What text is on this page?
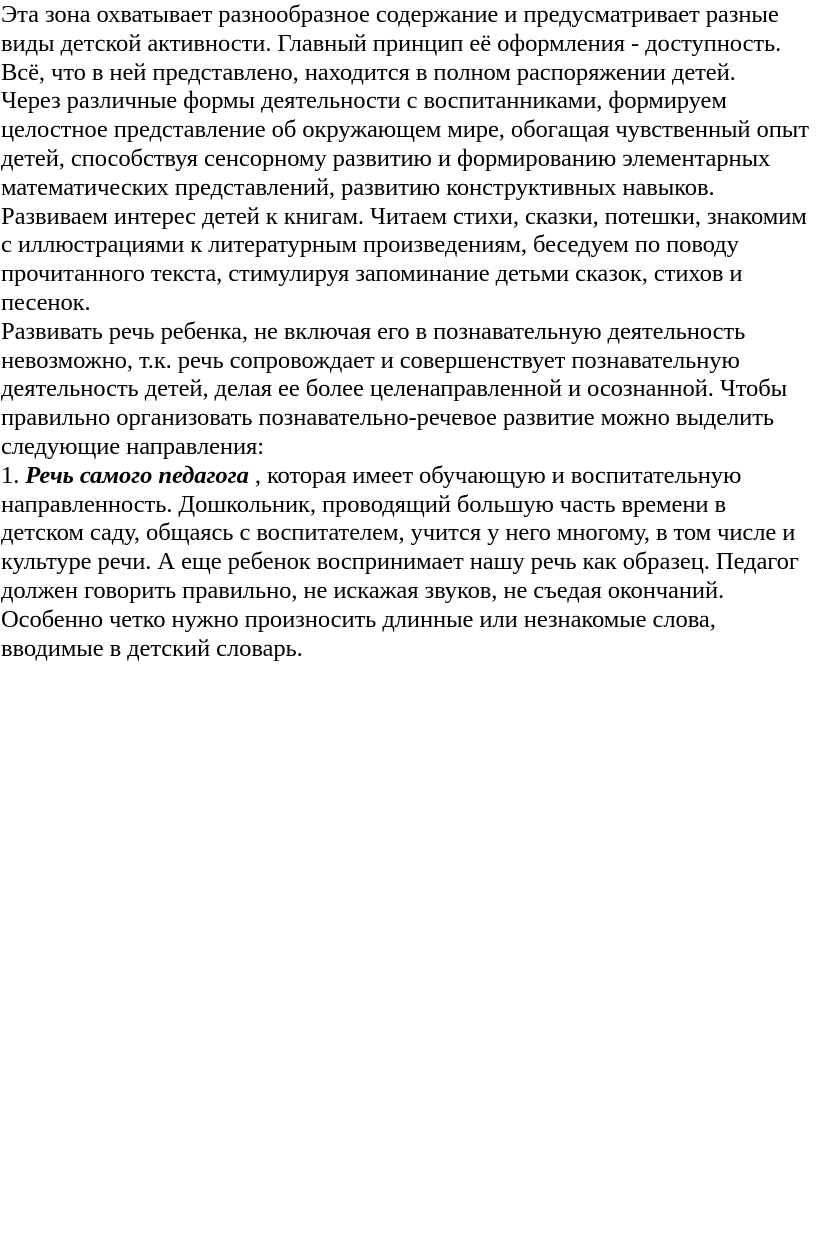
Эта зона охватывает разнообразное содержание и предусматривает разные

виды детской активности. Главный принцип её оформления - доступность.

Всё, что в ней представлено, находится в полном распоряжении детей.

Через различные формы деятельности с воспитанниками, формируем

целостное представление об окружающем мире, обогащая чувственный опыт

детей, способствуя сенсорному развитию и формированию элементарных

математических представлений, развитию конструктивных навыков.

Развиваем интерес детей к книгам. Читаем стихи, сказки, потешки, знакомим

с иллюстрациями к литературным произведениям, беседуем по поводу

прочитанного текста, стимулируя запоминание детьми сказок, стихов и

песенок.

Развивать речь ребенка, не включая его в познавательную деятельность

невозможно, т.к. речь сопровождает и совершенствует познавательную

деятельность детей, делая ее более целенаправленной и осознанной. Чтобы

правильно организовать познавательно-речевое развитие можно выделить

следующие направления:

1. Речь самого педагога , которая имеет обучающую и воспитательную

направленность. Дошкольник, проводящий большую часть времени в

детском саду, общаясь с воспитателем, учится у него многому, в том числе и

культуре речи. А еще ребенок воспринимает нашу речь как образец. Педагог

должен говорить правильно, не искажая звуков, не съедая окончаний.

Особенно четко нужно произносить длинные или незнакомые слова,

вводимые в детский словарь.
